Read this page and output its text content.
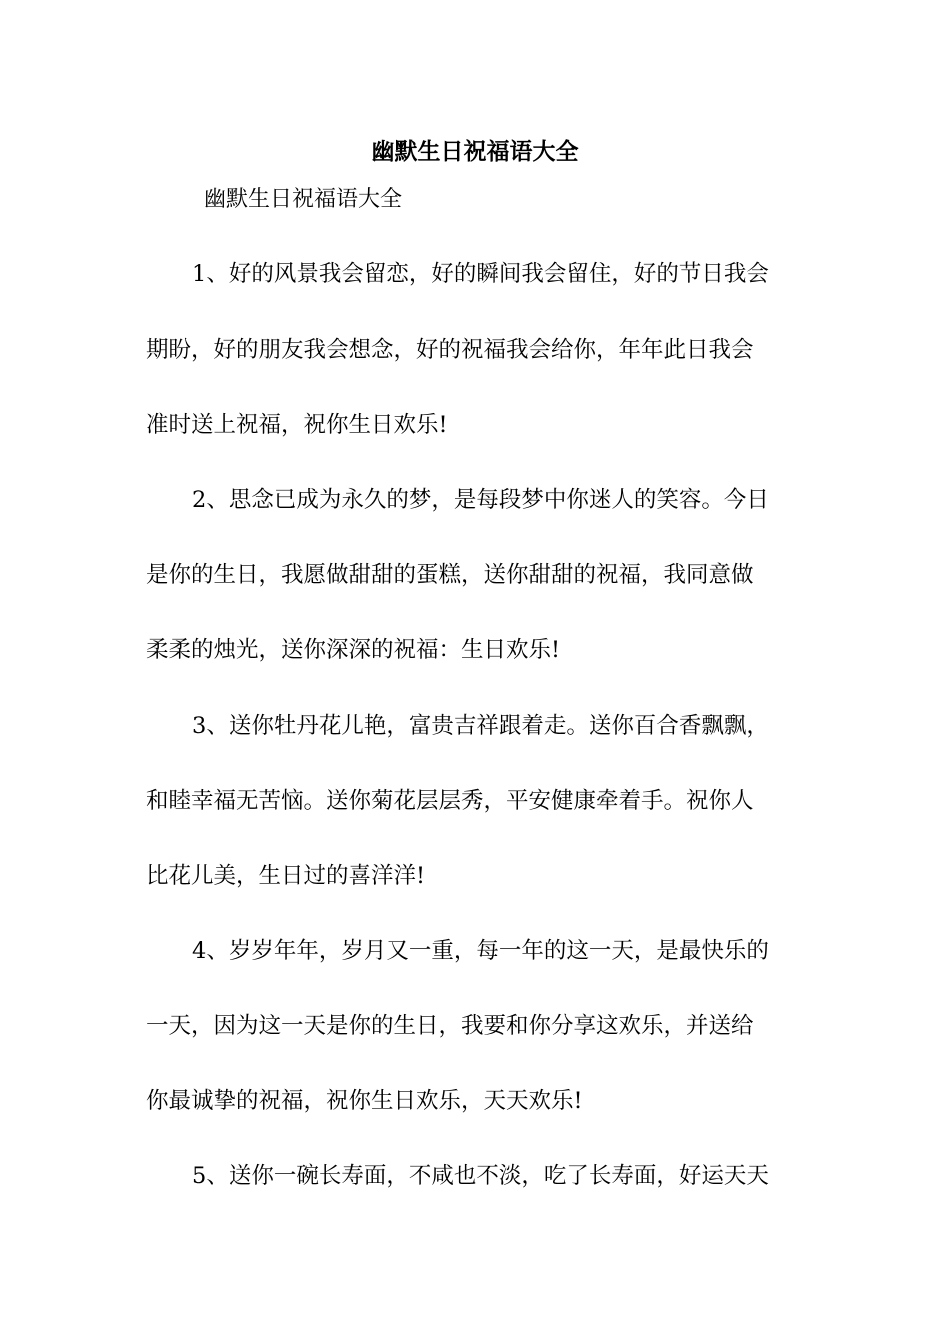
幽默生日祝福语大全
幽默生日祝福语大全
1、好的风景我会留恋，好的瞬间我会留住，好的节日我会
期盼，好的朋友我会想念，好的祝福我会给你，年年此日我会
准时送上祝福，祝你生日欢乐!
2、思念已成为永久的梦，是每段梦中你迷人的笑容。今日
是你的生日，我愿做甜甜的蛋糕，送你甜甜的祝福，我同意做
柔柔的烛光，送你深深的祝福：生日欢乐!
3、送你牡丹花儿艳，富贵吉祥跟着走。送你百合香飘飘，
和睦幸福无苦恼。送你菊花层层秀，平安健康牵着手。祝你人
比花儿美，生日过的喜洋洋!
4、岁岁年年，岁月又一重，每一年的这一天，是最快乐的
一天，因为这一天是你的生日，我要和你分享这欢乐，并送给
你最诚挚的祝福，祝你生日欢乐，天天欢乐!
5、送你一碗长寿面，不咸也不淡，吃了长寿面，好运天天
